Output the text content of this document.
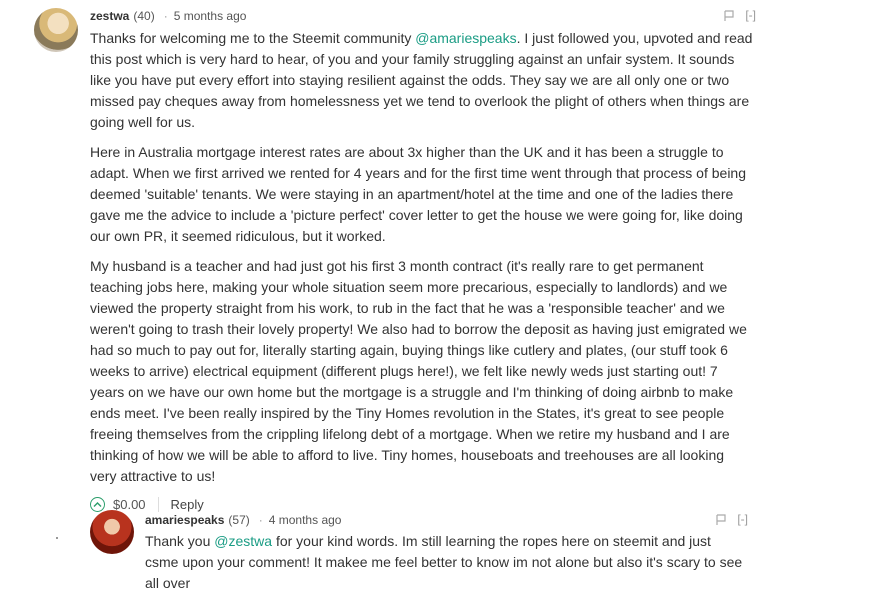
zestwa (40) · 5 months ago	[-]

Thanks for welcoming me to the Steemit community @amariespeaks. I just followed you, upvoted and read this post which is very hard to hear, of you and your family struggling against an unfair system. It sounds like you have put every effort into staying resilient against the odds. They say we are all only one or two missed pay cheques away from homelessness yet we tend to overlook the plight of others when things are going well for us.

Here in Australia mortgage interest rates are about 3x higher than the UK and it has been a struggle to adapt. When we first arrived we rented for 4 years and for the first time went through that process of being deemed 'suitable' tenants. We were staying in an apartment/hotel at the time and one of the ladies there gave me the advice to include a 'picture perfect' cover letter to get the house we were going for, like doing our own PR, it seemed ridiculous, but it worked.

My husband is a teacher and had just got his first 3 month contract (it's really rare to get permanent teaching jobs here, making your whole situation seem more precarious, especially to landlords) and we viewed the property straight from his work, to rub in the fact that he was a 'responsible teacher' and we weren't going to trash their lovely property! We also had to borrow the deposit as having just emigrated we had so much to pay out for, literally starting again, buying things like cutlery and plates, (our stuff took 6 weeks to arrive) electrical equipment (different plugs here!), we felt like newly weds just starting out! 7 years on we have our own home but the mortgage is a struggle and I'm thinking of doing airbnb to make ends meet. I've been really inspired by the Tiny Homes revolution in the States, it's great to see people freeing themselves from the crippling lifelong debt of a mortgage. When we retire my husband and I are thinking of how we will be able to afford to live. Tiny homes, houseboats and treehouses are all looking very attractive to us!

$0.00	Reply
amariespeaks (57) · 4 months ago	[-]

Thank you @zestwa for your kind words. Im still learning the ropes here on steemit and just csme upon your comment! It makee me feel better to know im not alone but also it's scary to see all over
